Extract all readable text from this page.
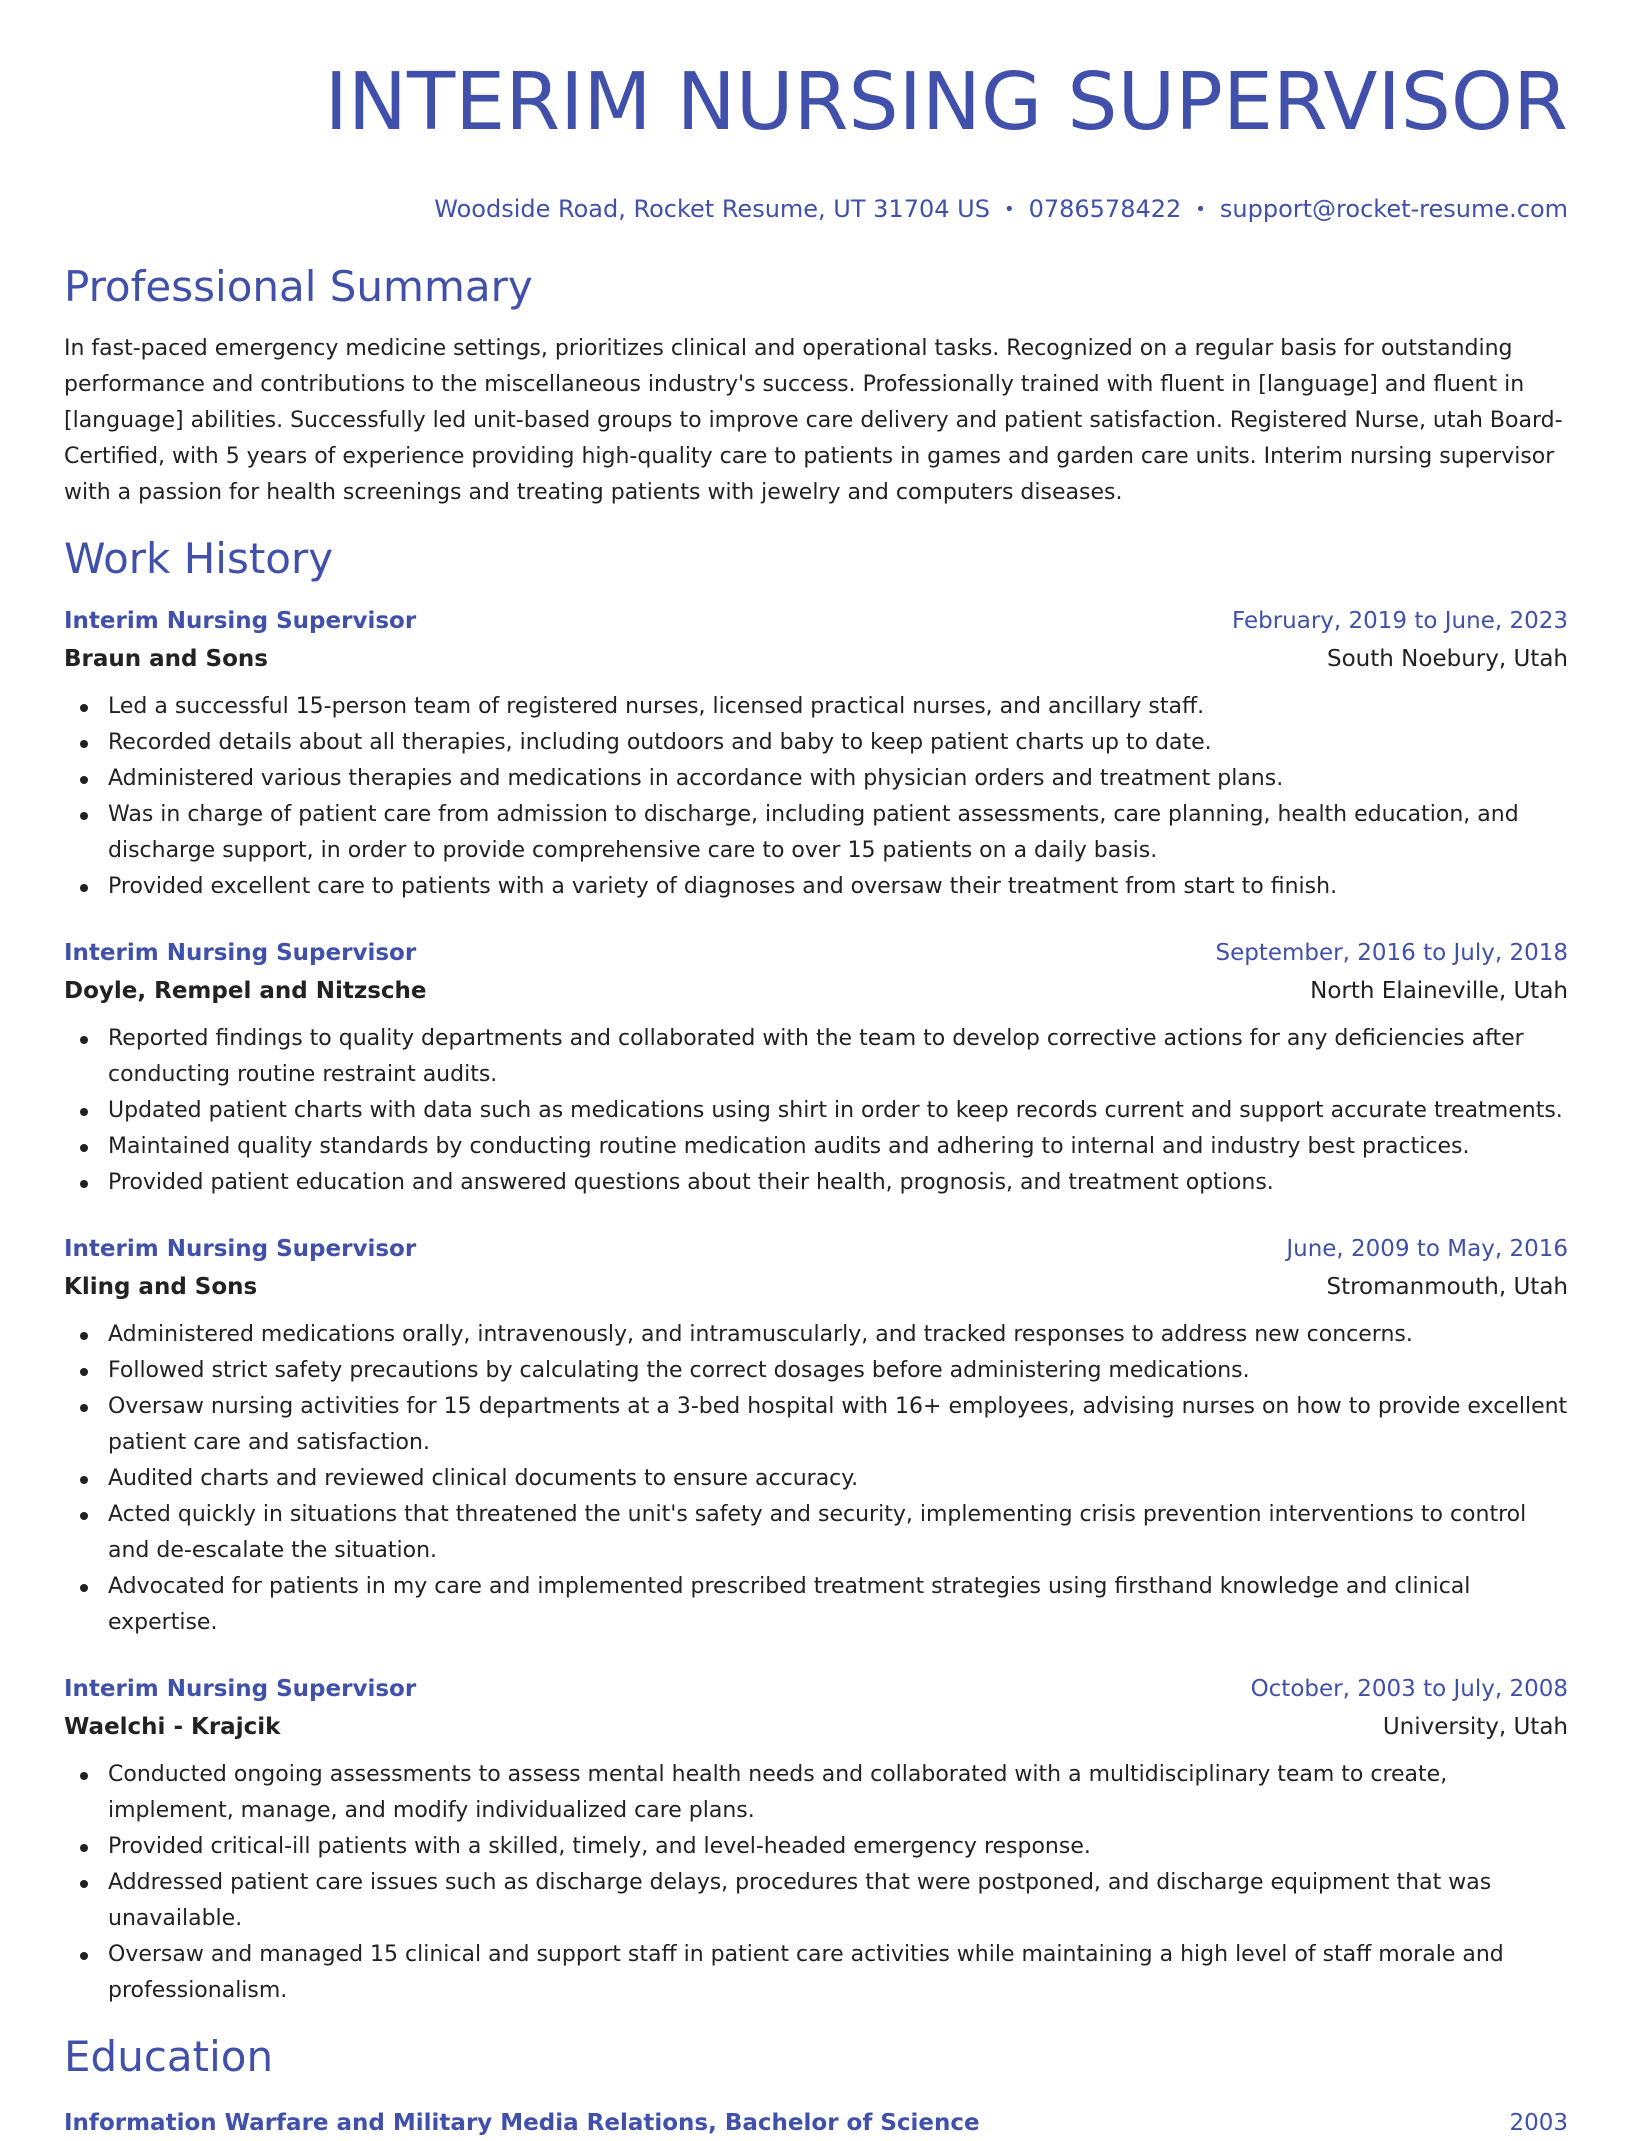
INTERIM NURSING SUPERVISOR
Woodside Road, Rocket Resume, UT 31704 US • 0786578422 • support@rocket-resume.com
Professional Summary

In fast-paced emergency medicine settings, prioritizes clinical and operational tasks. Recognized on a regular basis for outstanding performance and contributions to the miscellaneous industry's success. Professionally trained with fluent in [language] and fluent in [language] abilities. Successfully led unit-based groups to improve care delivery and patient satisfaction. Registered Nurse, utah Board-Certified, with 5 years of experience providing high-quality care to patients in games and garden care units. Interim nursing supervisor with a passion for health screenings and treating patients with jewelry and computers diseases.

Work History
Interim Nursing Supervisor	February, 2019 to June, 2023
Braun and Sons	South Noebury, Utah
Led a successful 15-person team of registered nurses, licensed practical nurses, and ancillary staff.
Recorded details about all therapies, including outdoors and baby to keep patient charts up to date.
Administered various therapies and medications in accordance with physician orders and treatment plans.
Was in charge of patient care from admission to discharge, including patient assessments, care planning, health education, and discharge support, in order to provide comprehensive care to over 15 patients on a daily basis.
Provided excellent care to patients with a variety of diagnoses and oversaw their treatment from start to finish.
Interim Nursing Supervisor	September, 2016 to July, 2018
Doyle, Rempel and Nitzsche	North Elaineville, Utah
Reported findings to quality departments and collaborated with the team to develop corrective actions for any deficiencies after conducting routine restraint audits.
Updated patient charts with data such as medications using shirt in order to keep records current and support accurate treatments.
Maintained quality standards by conducting routine medication audits and adhering to internal and industry best practices.
Provided patient education and answered questions about their health, prognosis, and treatment options.
Interim Nursing Supervisor	June, 2009 to May, 2016
Kling and Sons	Stromanmouth, Utah
Administered medications orally, intravenously, and intramuscularly, and tracked responses to address new concerns.
Followed strict safety precautions by calculating the correct dosages before administering medications.
Oversaw nursing activities for 15 departments at a 3-bed hospital with 16+ employees, advising nurses on how to provide excellent patient care and satisfaction.
Audited charts and reviewed clinical documents to ensure accuracy.
Acted quickly in situations that threatened the unit's safety and security, implementing crisis prevention interventions to control and de-escalate the situation.
Advocated for patients in my care and implemented prescribed treatment strategies using firsthand knowledge and clinical expertise.
Interim Nursing Supervisor	October, 2003 to July, 2008
Waelchi - Krajcik	University, Utah
Conducted ongoing assessments to assess mental health needs and collaborated with a multidisciplinary team to create, implement, manage, and modify individualized care plans.
Provided critical-ill patients with a skilled, timely, and level-headed emergency response.
Addressed patient care issues such as discharge delays, procedures that were postponed, and discharge equipment that was unavailable.
Oversaw and managed 15 clinical and support staff in patient care activities while maintaining a high level of staff morale and professionalism.
Education
Information Warfare and Military Media Relations, Bachelor of Science	2003
